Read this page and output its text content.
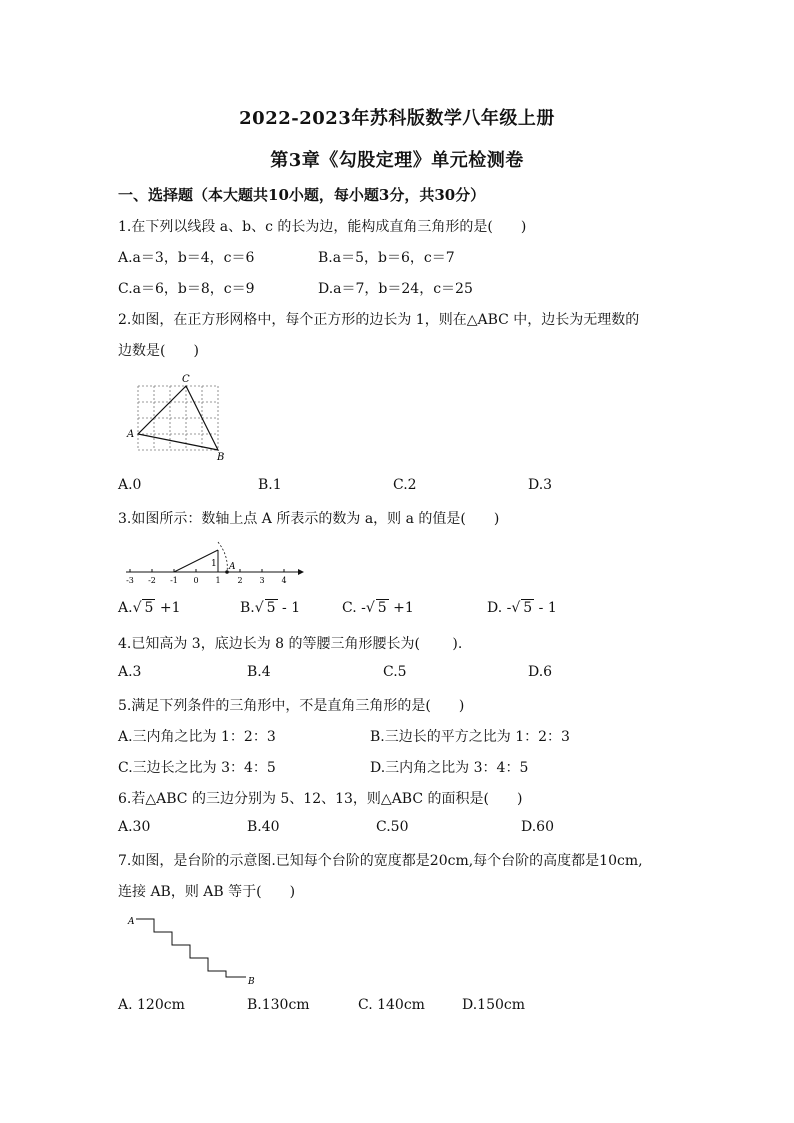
2022-2023年苏科版数学八年级上册
第3章《勾股定理》单元检测卷
一、选择题（本大题共10小题，每小题3分，共30分）
1.在下列以线段 a、b、c 的长为边，能构成直角三角形的是(　　)
A.a＝3，b＝4，c＝6	B.a＝5，b＝6，c＝7
C.a＝6，b＝8，c＝9	D.a＝7，b＝24，c＝25
2.如图，在正方形网格中，每个正方形的边长为 1，则在△ABC 中，边长为无理数的
边数是(　　)
C
A
B
A.0	B.1	C.2	D.3
3.如图所示：数轴上点 A 所表示的数为 a，则 a 的值是(　　)
-3 -2 -1 0 1 2 3 4
1 A
A.√ 5 +1	B.√ 5 - 1	C. -√ 5 +1	D. -√ 5 - 1
4.已知高为 3，底边长为 8 的等腰三角形腰长为(　　 ).
A.3	B.4	C.5	D.6
5.满足下列条件的三角形中，不是直角三角形的是(　　)
A.三内角之比为 1：2：3	B.三边长的平方之比为 1：2：3
C.三边长之比为 3：4：5	D.三内角之比为 3：4：5
6.若△ABC 的三边分别为 5、12、13，则△ABC 的面积是(　　)
A.30	B.40	C.50	D.60
7.如图，是台阶的示意图.已知每个台阶的宽度都是20cm,每个台阶的高度都是10cm,
连接 AB，则 AB 等于(　　)
A
B
A. 120cm	B.130cm	C. 140cm	D.150cm
